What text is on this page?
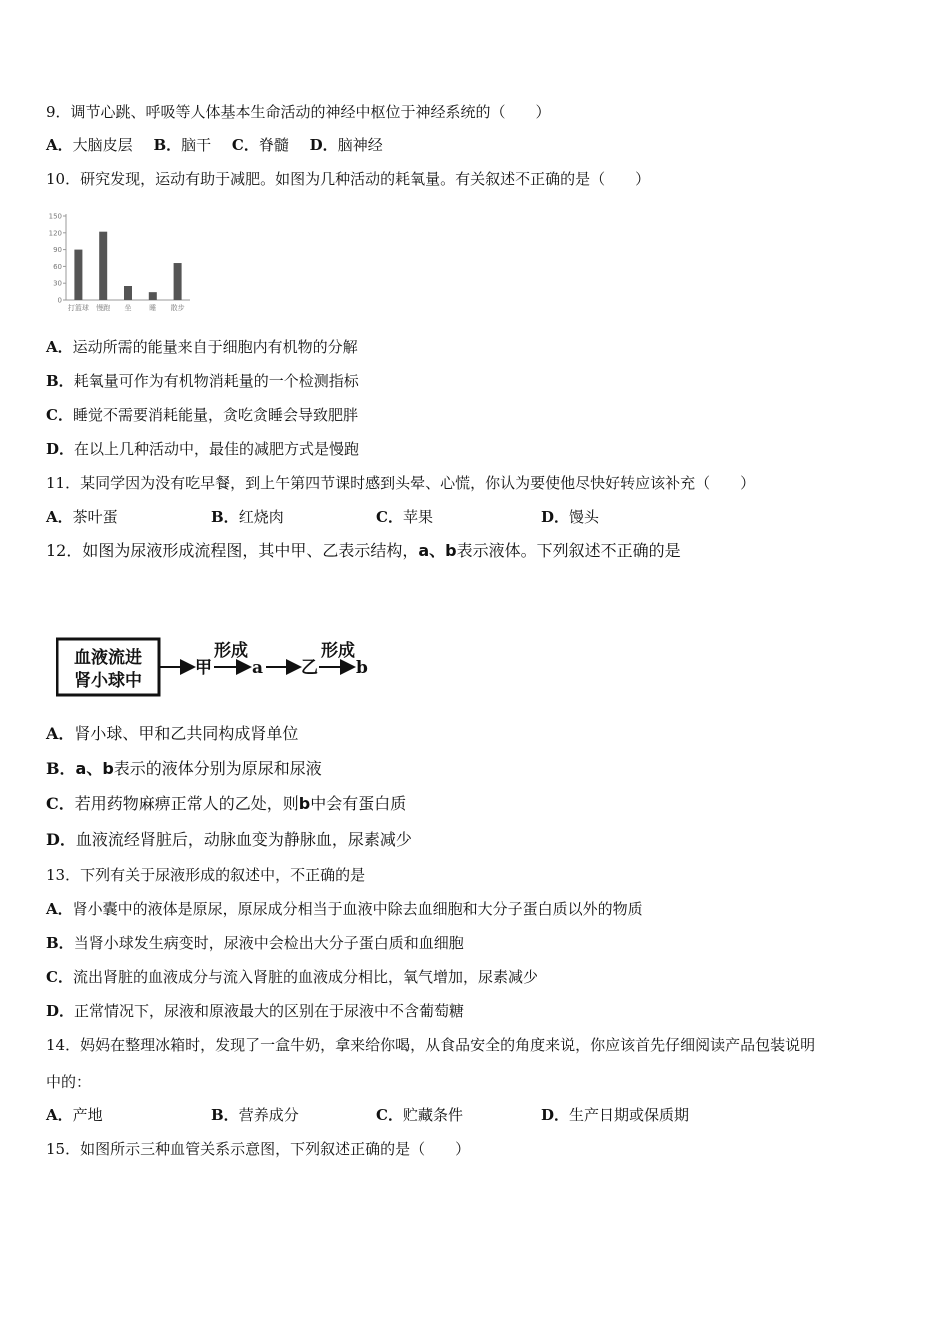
9．调节心跳、呼吸等人体基本生命活动的神经中枢位于神经系统的（　　）
A．大脑皮层 B．脑干 C．脊髓 D．脑神经
10．研究发现，运动有助于减肥。如图为几种活动的耗氧量。有关叙述不正确的是（　　）
150
120
90
60
30
0
打篮球 慢跑 坐	睡 散步
A．运动所需的能量来自于细胞内有机物的分解
B．耗氧量可作为有机物消耗量的一个检测指标
C．睡觉不需要消耗能量，贪吃贪睡会导致肥胖
D．在以上几种活动中，最佳的减肥方式是慢跑
11．某同学因为没有吃早餐，到上午第四节课时感到头晕、心慌，你认为要使他尽快好转应该补充（　　）
A．茶叶蛋	B．红烧肉	C．苹果	D．馒头
12．如图为尿液形成流程图，其中甲、乙表示结构，a、b表示液体。下列叙述不正确的是
血液流进
肾小球中
甲
形成
a 乙
形成
b
A．肾小球、甲和乙共同构成肾单位
B．a、b表示的液体分别为原尿和尿液
C．若用药物麻痹正常人的乙处，则b中会有蛋白质
D．血液流经肾脏后，动脉血变为静脉血，尿素减少
13．下列有关于尿液形成的叙述中，不正确的是
A．肾小囊中的液体是原尿，原尿成分相当于血液中除去血细胞和大分子蛋白质以外的物质
B．当肾小球发生病变时，尿液中会检出大分子蛋白质和血细胞
C．流出肾脏的血液成分与流入肾脏的血液成分相比，氧气增加，尿素减少
D．正常情况下，尿液和原液最大的区别在于尿液中不含葡萄糖
14．妈妈在整理冰箱时，发现了一盒牛奶，拿来给你喝，从食品安全的角度来说，你应该首先仔细阅读产品包装说明
中的：
A．产地	B．营养成分	C．贮藏条件	D．生产日期或保质期
15．如图所示三种血管关系示意图，下列叙述正确的是（　　）
